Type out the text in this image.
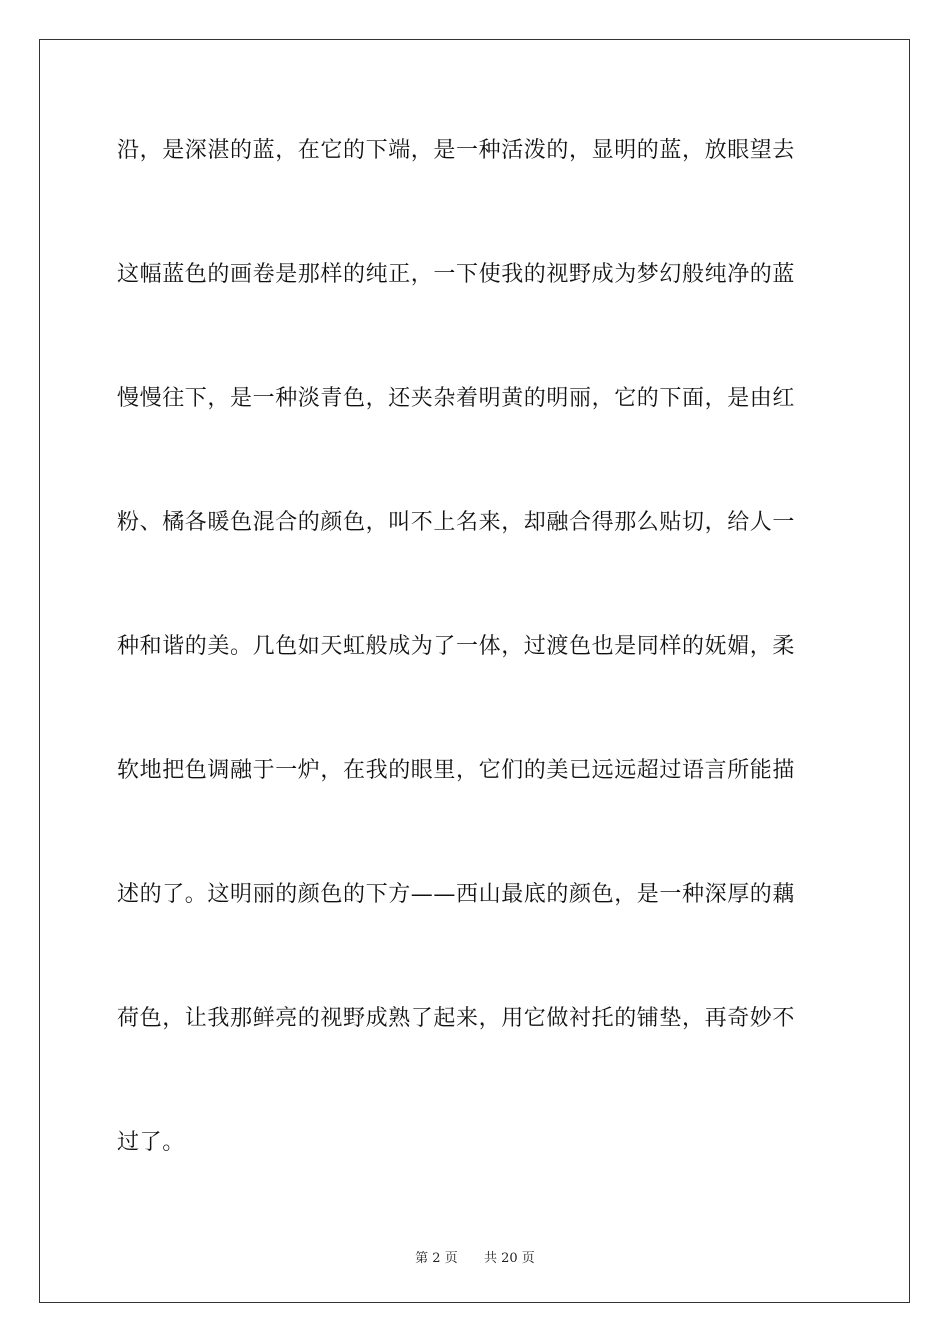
沿，是深湛的蓝，在它的下端，是一种活泼的，显明的蓝，放眼望去
这幅蓝色的画卷是那样的纯正，一下使我的视野成为梦幻般纯净的蓝
慢慢往下，是一种淡青色，还夹杂着明黄的明丽，它的下面，是由红
粉、橘各暖色混合的颜色，叫不上名来，却融合得那么贴切，给人一
种和谐的美。几色如天虹般成为了一体，过渡色也是同样的妩媚，柔
软地把色调融于一炉，在我的眼里，它们的美已远远超过语言所能描
述的了。这明丽的颜色的下方——西山最底的颜色，是一种深厚的藕
荷色，让我那鲜亮的视野成熟了起来，用它做衬托的铺垫，再奇妙不
过了。
第 2 页 共 20 页
